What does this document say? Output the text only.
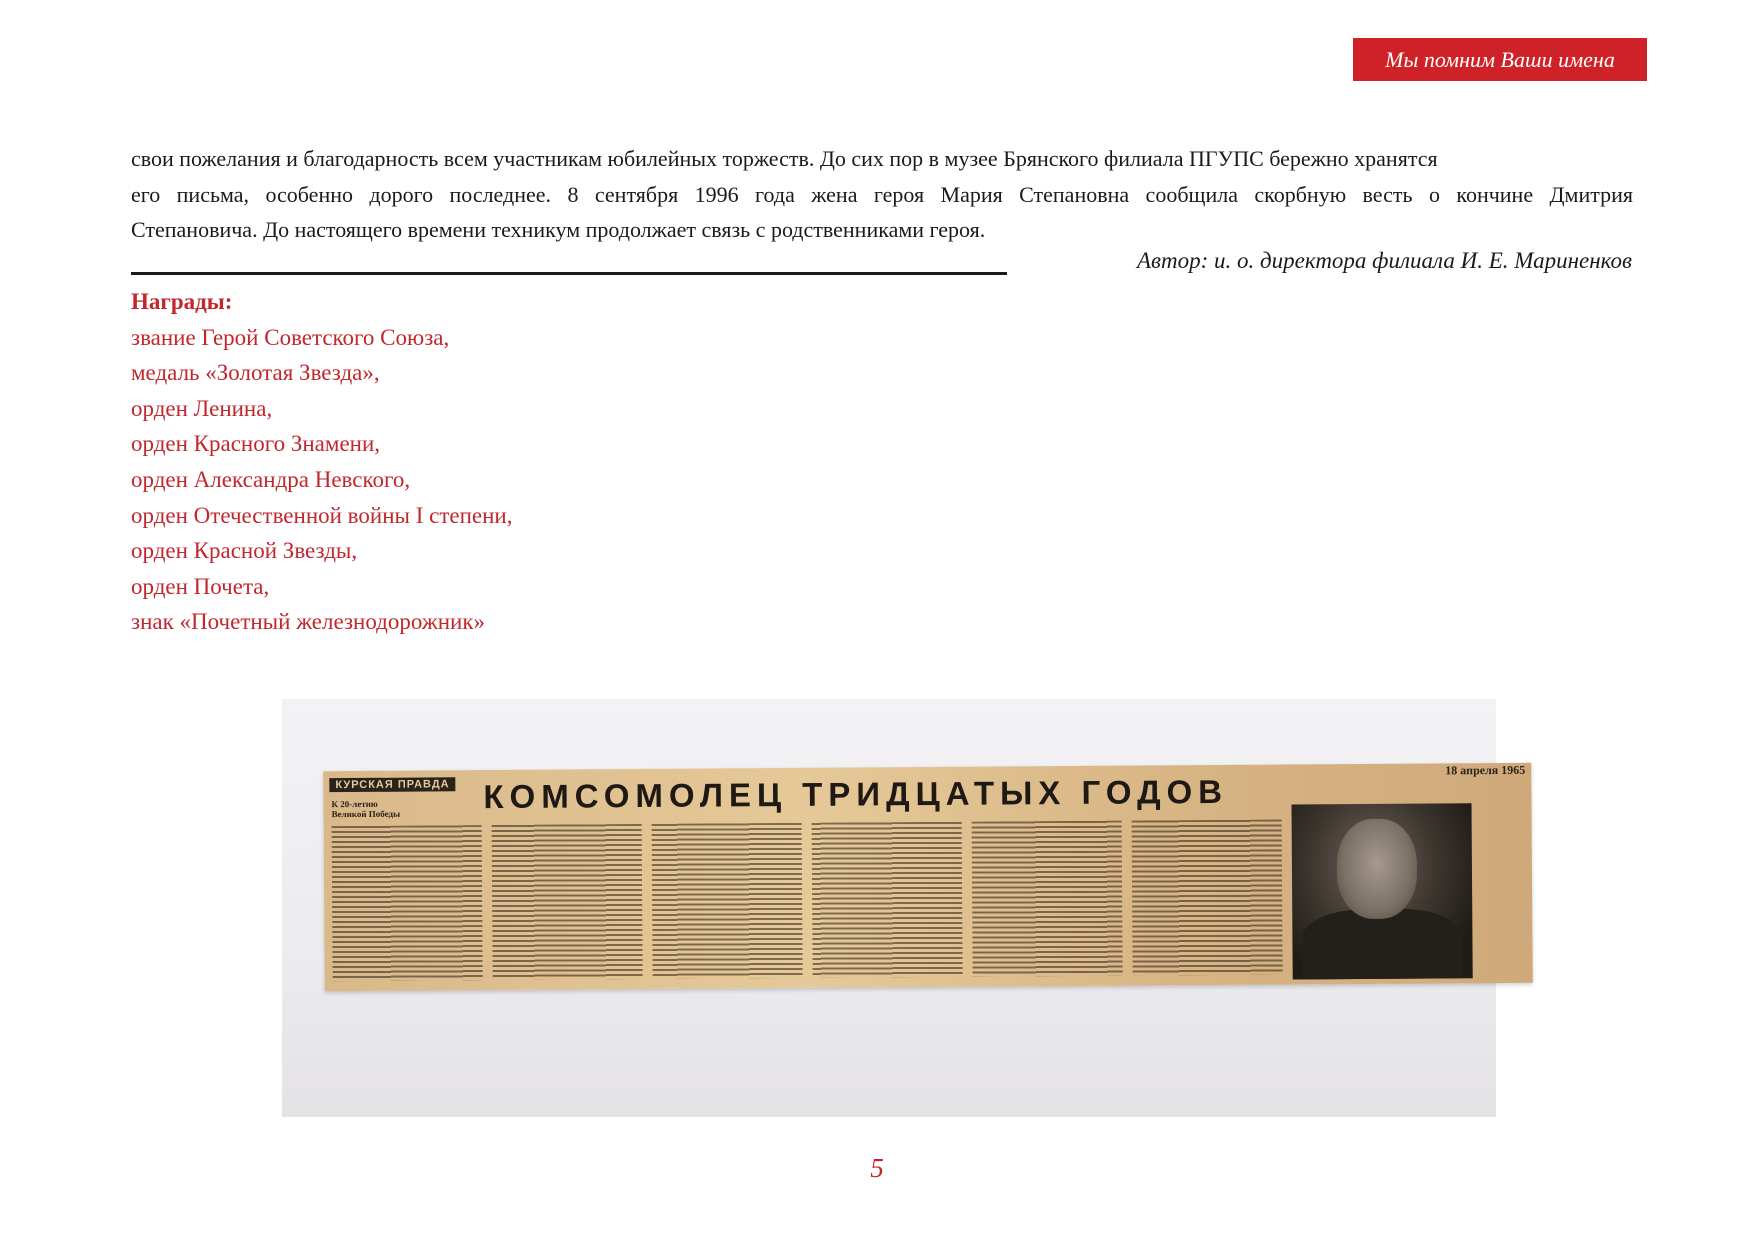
Мы помним Ваши имена
свои пожелания и благодарность всем участникам юбилейных торжеств. До сих пор в музее Брянского филиала ПГУПС бережно хранятся
его письма, особенно дорого последнее. 8 сентября 1996 года жена героя Мария Степановна сообщила скорбную весть о кончине Дмитрия
Степановича. До настоящего времени техникум продолжает связь с родственниками героя.
Автор: и. о. директора филиала И. Е. Мариненков
Награды:
звание Герой Советского Союза,
медаль «Золотая Звезда»,
орден Ленина,
орден Красного Знамени,
орден Александра Невского,
орден Отечественной войны I степени,
орден Красной Звезды,
орден Почета,
знак «Почетный железнодорожник»
КУРСКАЯ ПРАВДА
К 20-летию Великой Победы	КОМСОМОЛЕЦ ТРИДЦАТЫХ ГОДОВ
18 апреля 1965
5
